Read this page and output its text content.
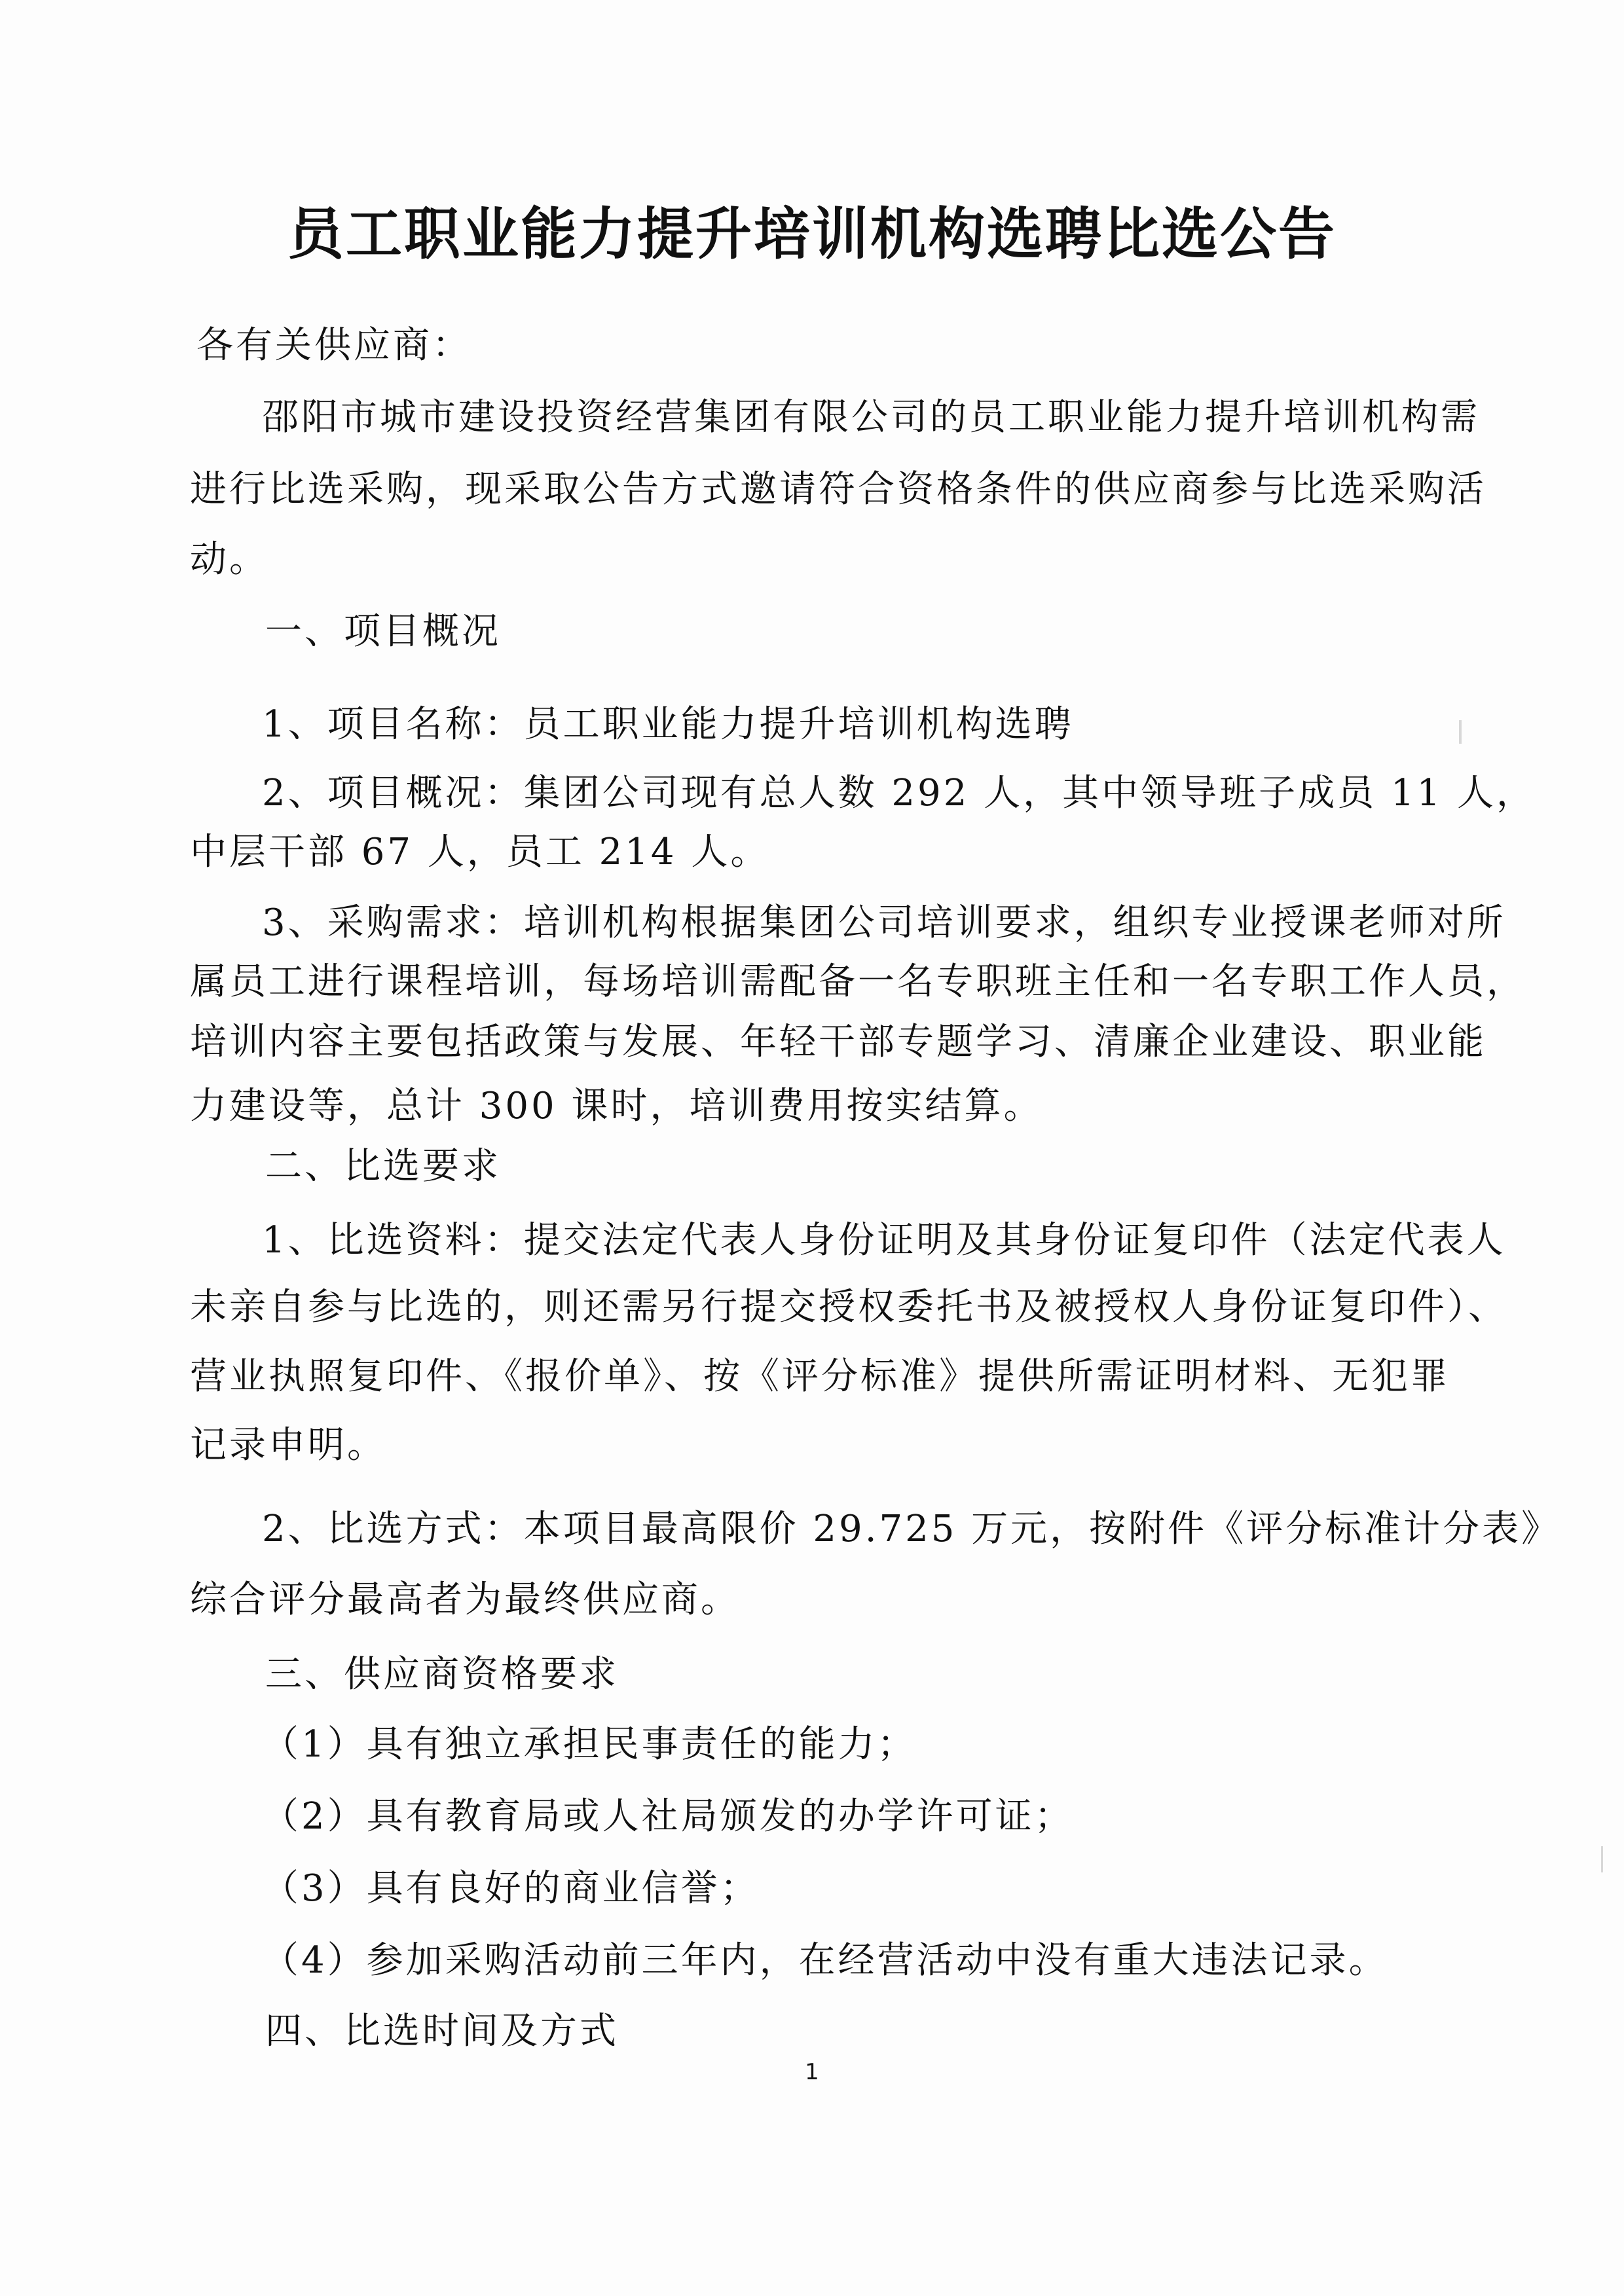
员工职业能力提升培训机构选聘比选公告
各有关供应商：
邵阳市城市建设投资经营集团有限公司的员工职业能力提升培训机构需
进行比选采购，现采取公告方式邀请符合资格条件的供应商参与比选采购活
动。
一、项目概况
1、项目名称：员工职业能力提升培训机构选聘
2、项目概况：集团公司现有总人数 292 人，其中领导班子成员 11 人，
中层干部 67 人，员工 214 人。
3、采购需求：培训机构根据集团公司培训要求，组织专业授课老师对所
属员工进行课程培训，每场培训需配备一名专职班主任和一名专职工作人员，
培训内容主要包括政策与发展、年轻干部专题学习、清廉企业建设、职业能
力建设等，总计 300 课时，培训费用按实结算。
二、比选要求
1、比选资料：提交法定代表人身份证明及其身份证复印件（法定代表人
未亲自参与比选的，则还需另行提交授权委托书及被授权人身份证复印件）、
营业执照复印件、《报价单》、按《评分标准》提供所需证明材料、无犯罪
记录申明。
2、比选方式：本项目最高限价 29.725 万元，按附件《评分标准计分表》
综合评分最高者为最终供应商。
三、供应商资格要求
（1）具有独立承担民事责任的能力；
（2）具有教育局或人社局颁发的办学许可证；
（3）具有良好的商业信誉；
（4）参加采购活动前三年内，在经营活动中没有重大违法记录。
四、比选时间及方式
1
